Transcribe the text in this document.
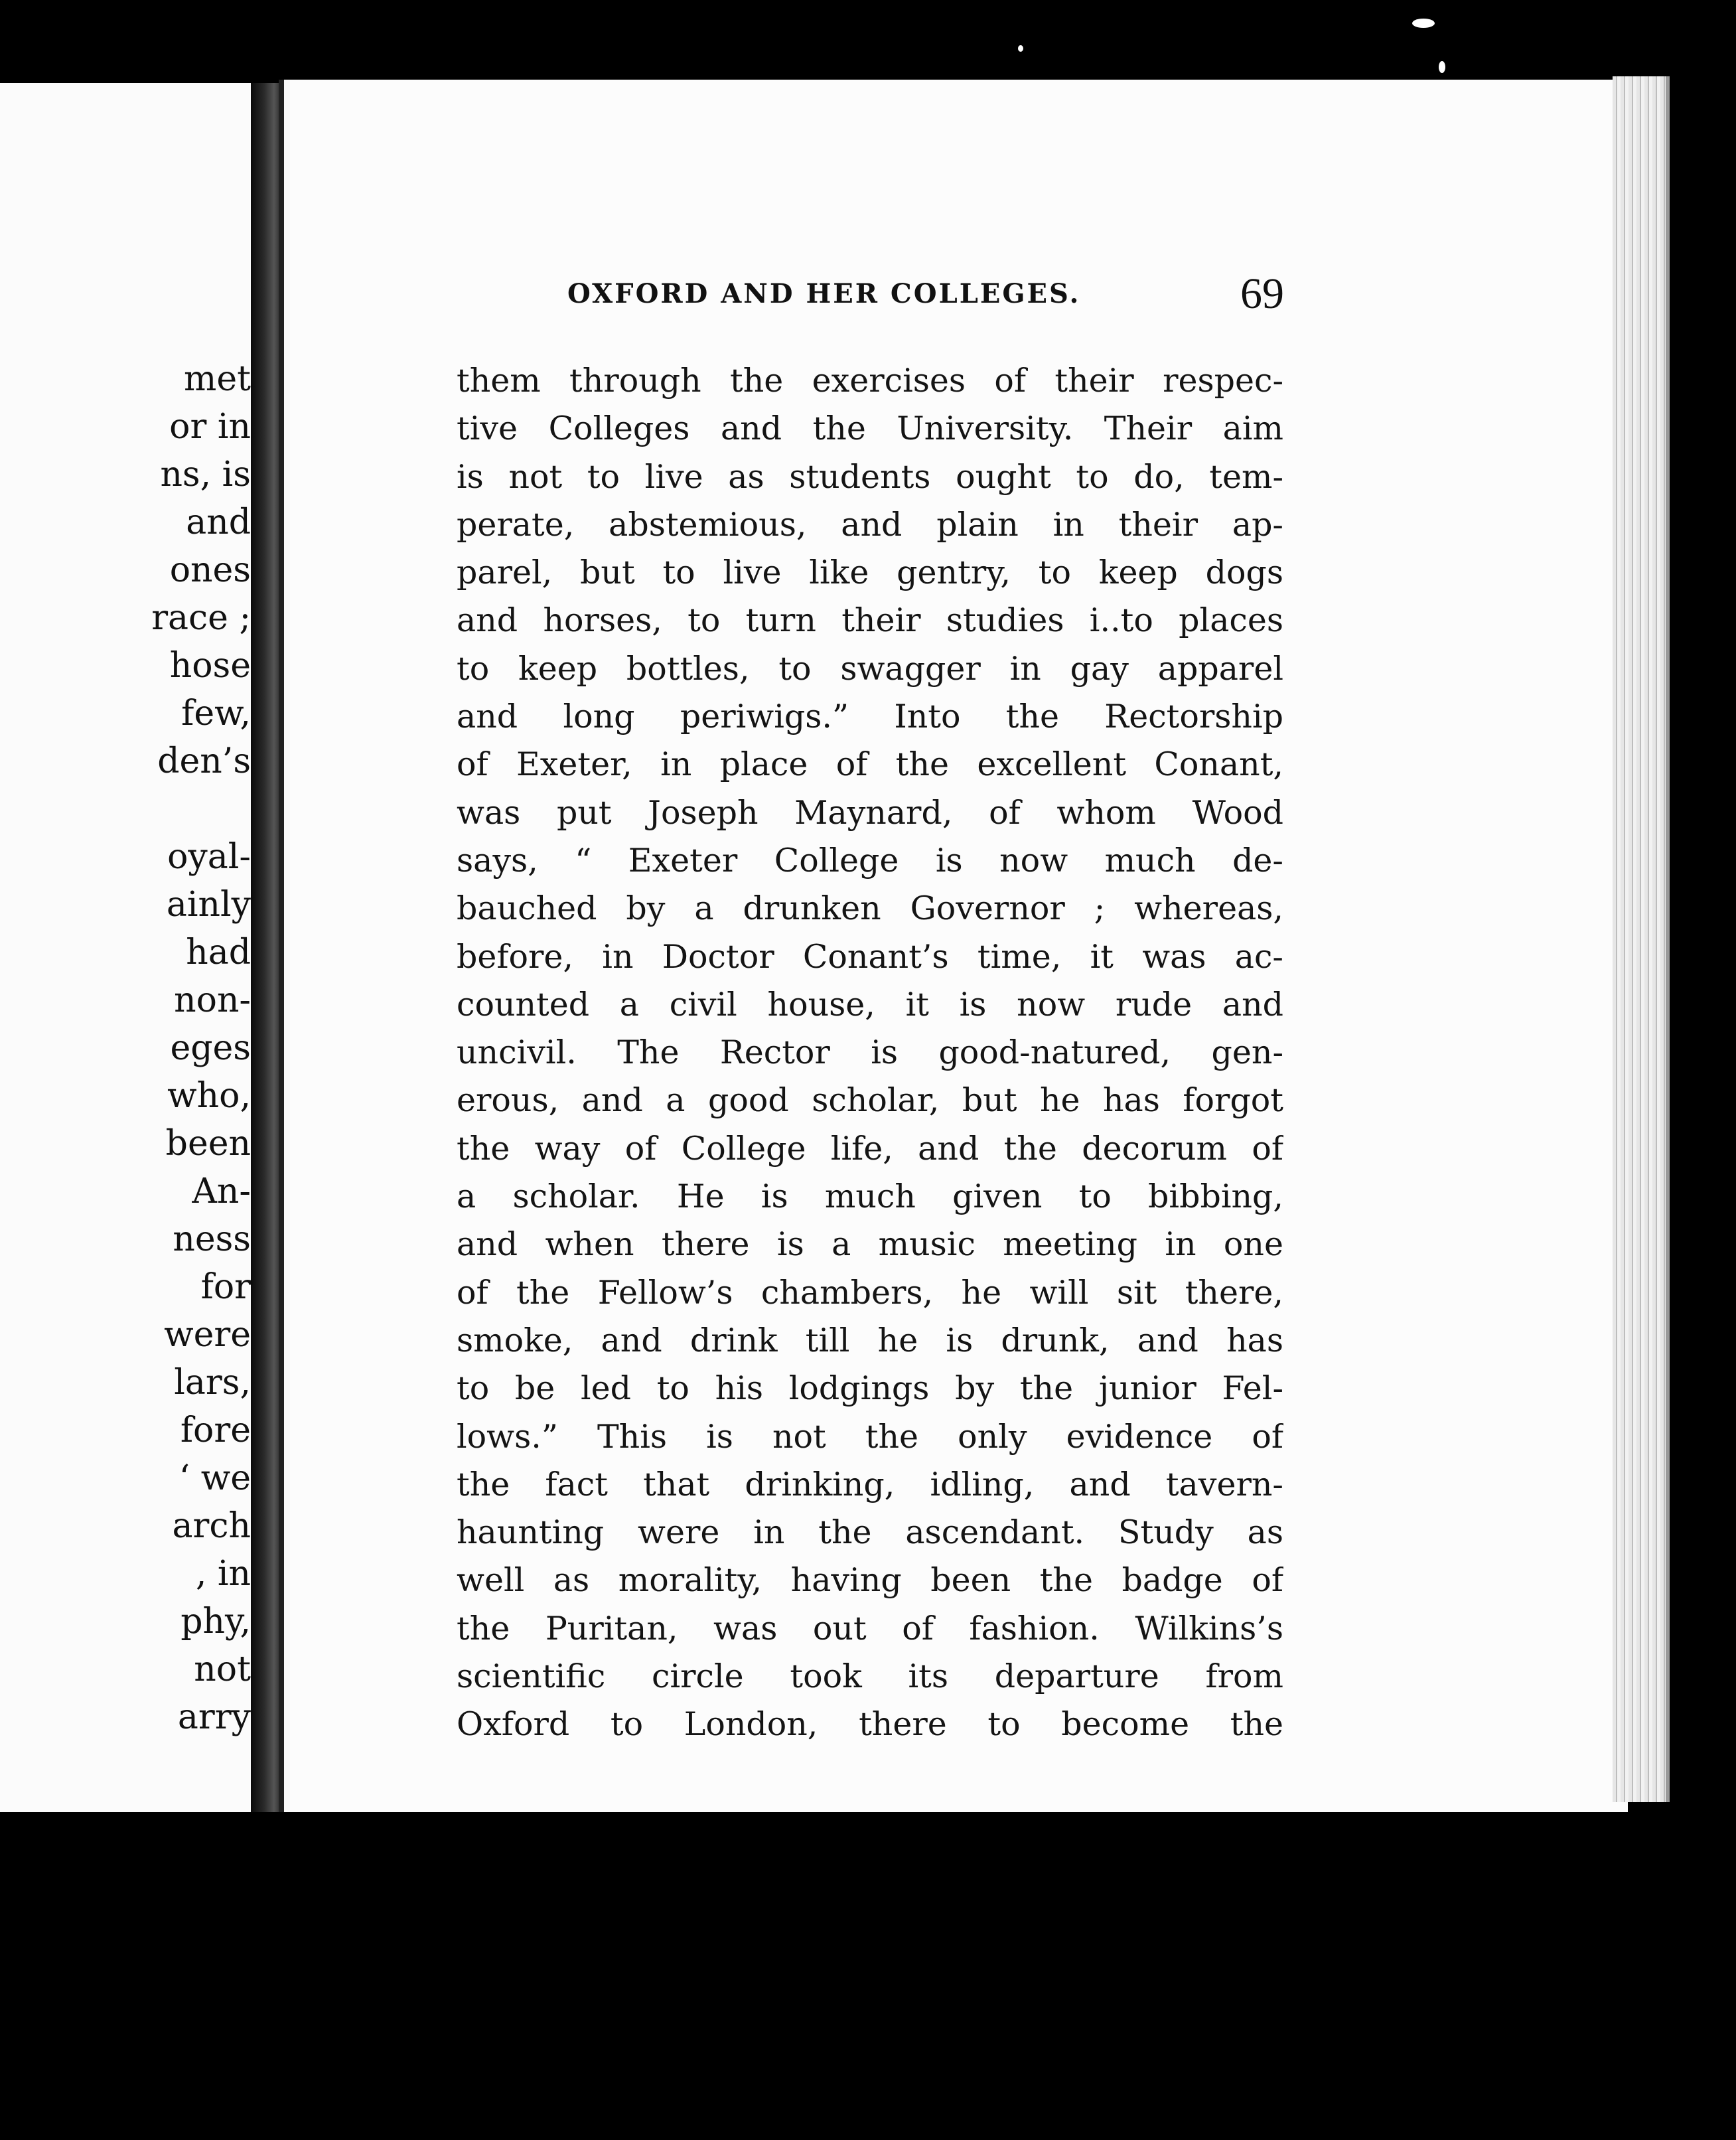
met
or in
ns, is
and
ones
race ;
hose
few,
den’s
oyal-
ainly
had
non-
eges
who,
been
An-
ness
for
were
lars,
fore
‘ we
arch
, in
phy,
not
arry
OXFORD AND HER COLLEGES.	69
them through the exercises of their respec-
tive Colleges and the University. Their aim
is not to live as students ought to do, tem-
perate, abstemious, and plain in their ap-
parel, but to live like gentry, to keep dogs
and horses, to turn their studies i..to places
to keep bottles, to swagger in gay apparel
and long periwigs.” Into the Rectorship
of Exeter, in place of the excellent Conant,
was put Joseph Maynard, of whom Wood
says, “ Exeter College is now much de-
bauched by a drunken Governor ; whereas,
before, in Doctor Conant’s time, it was ac-
counted a civil house, it is now rude and
uncivil. The Rector is good-natured, gen-
erous, and a good scholar, but he has forgot
the way of College life, and the decorum of
a scholar. He is much given to bibbing,
and when there is a music meeting in one
of the Fellow’s chambers, he will sit there,
smoke, and drink till he is drunk, and has
to be led to his lodgings by the junior Fel-
lows.” This is not the only evidence of
the fact that drinking, idling, and tavern-
haunting were in the ascendant. Study as
well as morality, having been the badge of
the Puritan, was out of fashion. Wilkins’s
scientific circle took its departure from
Oxford to London, there to become the
